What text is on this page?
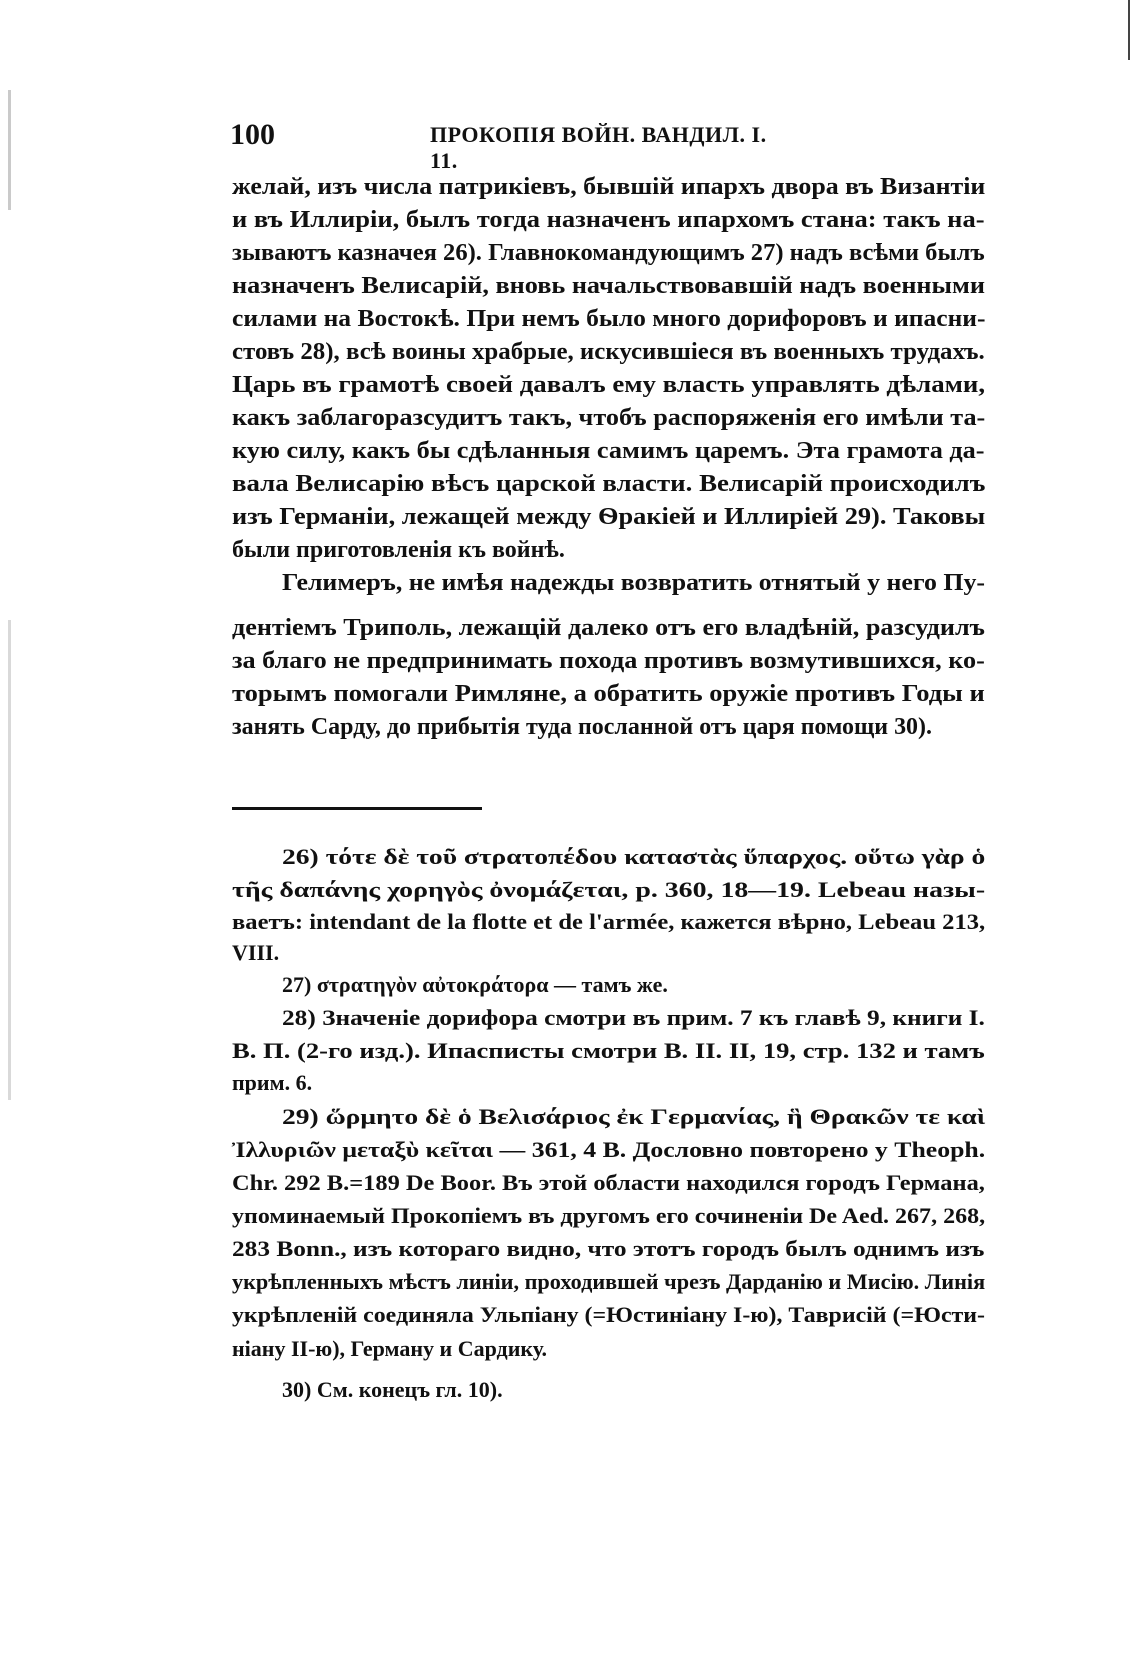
100	ПРОКОПІЯ ВОЙН. ВАНДИЛ. І. 11.
желай, изъ числа патрикіевъ, бывшій ипархъ двора въ Византіи
и въ Иллиріи, былъ тогда назначенъ ипархомъ стана: такъ на-
зываютъ казначея 26). Главнокомандующимъ 27) надъ всѣми былъ
назначенъ Велисарій, вновь начальствовавшій надъ военными
силами на Востокѣ. При немъ было много дорифоровъ и ипасни-
стовъ 28), всѣ воины храбрые, искусившіеся въ военныхъ трудахъ.
Царь въ грамотѣ своей давалъ ему власть управлять дѣлами,
какъ заблагоразсудитъ такъ, чтобъ распоряженія его имѣли та-
кую силу, какъ бы сдѣланныя самимъ царемъ. Эта грамота да-
вала Велисарію вѣсъ царской власти. Велисарій происходилъ
изъ Германіи, лежащей между Ѳракіей и Иллиріей 29). Таковы
были приготовленія къ войнѣ.
Гелимеръ, не имѣя надежды возвратить отнятый у него Пу-
дентіемъ Триполь, лежащій далеко отъ его владѣній, разсудилъ
за благо не предпринимать похода противъ возмутившихся, ко-
торымъ помогали Римляне, а обратить оружіе противъ Годы и
занять Сарду, до прибытія туда посланной отъ царя помощи 30).
26) τότε δὲ τοῦ στρατοπέδου καταστὰς ὕπαρχος. οὕτω γὰρ ὁ
τῆς δαπάνης χορηγὸς ὀνομάζεται, p. 360, 18—19. Lebeau назы-
ваетъ: intendant de la flotte et de l'armée, кажется вѣрно, Lebeau 213,
VIII.
27) στρατηγὸν αὐτοκράτορα — тамъ же.
28) Значеніе дорифора смотри въ прим. 7 къ главѣ 9, книги I.
В. П. (2-го изд.). Ипасписты смотри В. II. II, 19, стр. 132 и тамъ
прим. 6.
29) ὥρμητο δὲ ὁ Βελισάριος ἐκ Γερμανίας, ἣ Θρακῶν τε καὶ
Ἰλλυριῶν μεταξὺ κεῖται — 361, 4 B. Дословно повторено у Theoph.
Chr. 292 B.=189 De Boor. Въ этой области находился городъ Германа,
упоминаемый Прокопіемъ въ другомъ его сочиненіи De Aed. 267, 268,
283 Bonn., изъ котораго видно, что этотъ городъ былъ однимъ изъ
укрѣпленныхъ мѣстъ линіи, проходившей чрезъ Дарданію и Мисію. Линія
укрѣпленій соединяла Ульпіану (=Юстиніану I-ю), Таврисій (=Юсти-
ніану II-ю), Герману и Сардику.
30) См. конецъ гл. 10).
